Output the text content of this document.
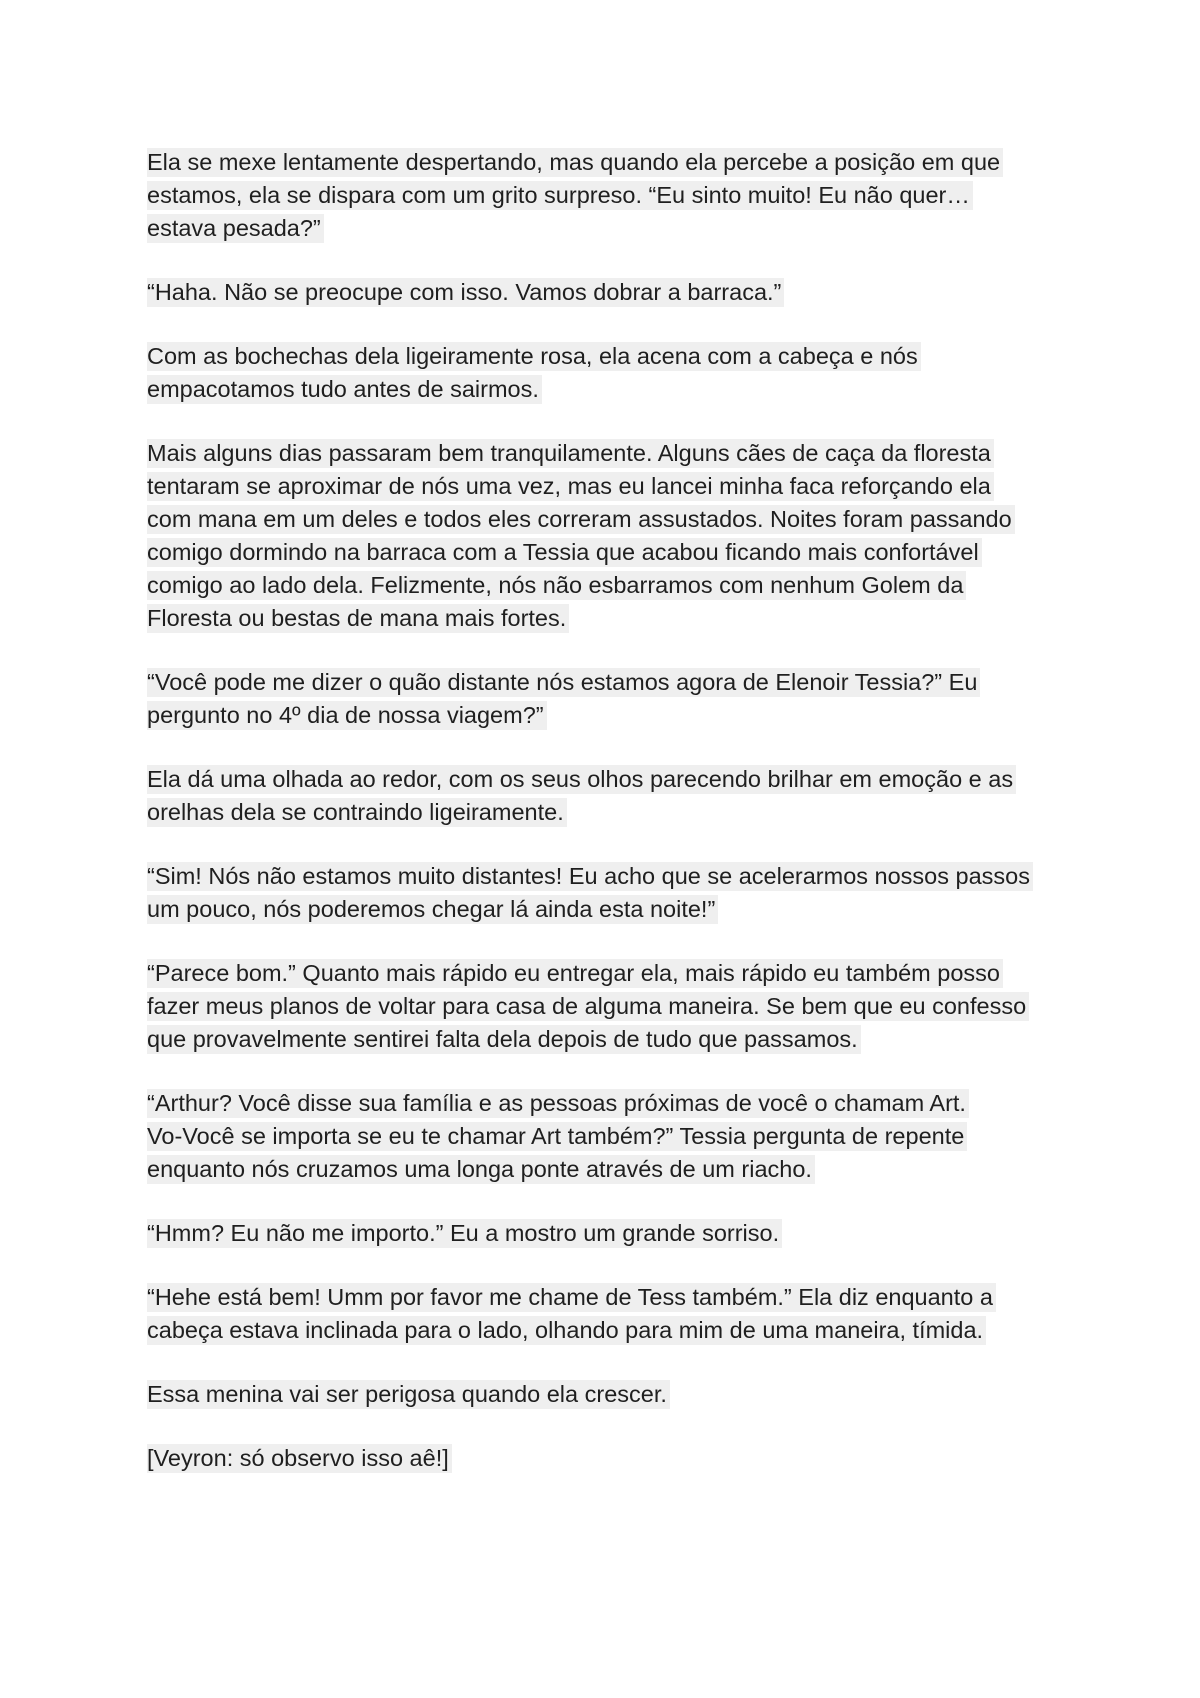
Ela se mexe lentamente despertando, mas quando ela percebe a posição em que
estamos, ela se dispara com um grito surpreso. “Eu sinto muito! Eu não quer…
estava pesada?”

“Haha. Não se preocupe com isso. Vamos dobrar a barraca.”

Com as bochechas dela ligeiramente rosa, ela acena com a cabeça e nós
empacotamos tudo antes de sairmos.

Mais alguns dias passaram bem tranquilamente. Alguns cães de caça da floresta
tentaram se aproximar de nós uma vez, mas eu lancei minha faca reforçando ela
com mana em um deles e todos eles correram assustados. Noites foram passando
comigo dormindo na barraca com a Tessia que acabou ficando mais confortável
comigo ao lado dela. Felizmente, nós não esbarramos com nenhum Golem da
Floresta ou bestas de mana mais fortes.

“Você pode me dizer o quão distante nós estamos agora de Elenoir Tessia?” Eu
pergunto no 4º dia de nossa viagem?”

Ela dá uma olhada ao redor, com os seus olhos parecendo brilhar em emoção e as
orelhas dela se contraindo ligeiramente.

“Sim! Nós não estamos muito distantes! Eu acho que se acelerarmos nossos passos
um pouco, nós poderemos chegar lá ainda esta noite!”

“Parece bom.” Quanto mais rápido eu entregar ela, mais rápido eu também posso
fazer meus planos de voltar para casa de alguma maneira. Se bem que eu confesso
que provavelmente sentirei falta dela depois de tudo que passamos.

“Arthur? Você disse sua família e as pessoas próximas de você o chamam Art.
Vo-Você se importa se eu te chamar Art também?” Tessia pergunta de repente
enquanto nós cruzamos uma longa ponte através de um riacho.

“Hmm? Eu não me importo.” Eu a mostro um grande sorriso.

“Hehe está bem! Umm por favor me chame de Tess também.” Ela diz enquanto a
cabeça estava inclinada para o lado, olhando para mim de uma maneira, tímida.

Essa menina vai ser perigosa quando ela crescer.

[Veyron: só observo isso aê!]
